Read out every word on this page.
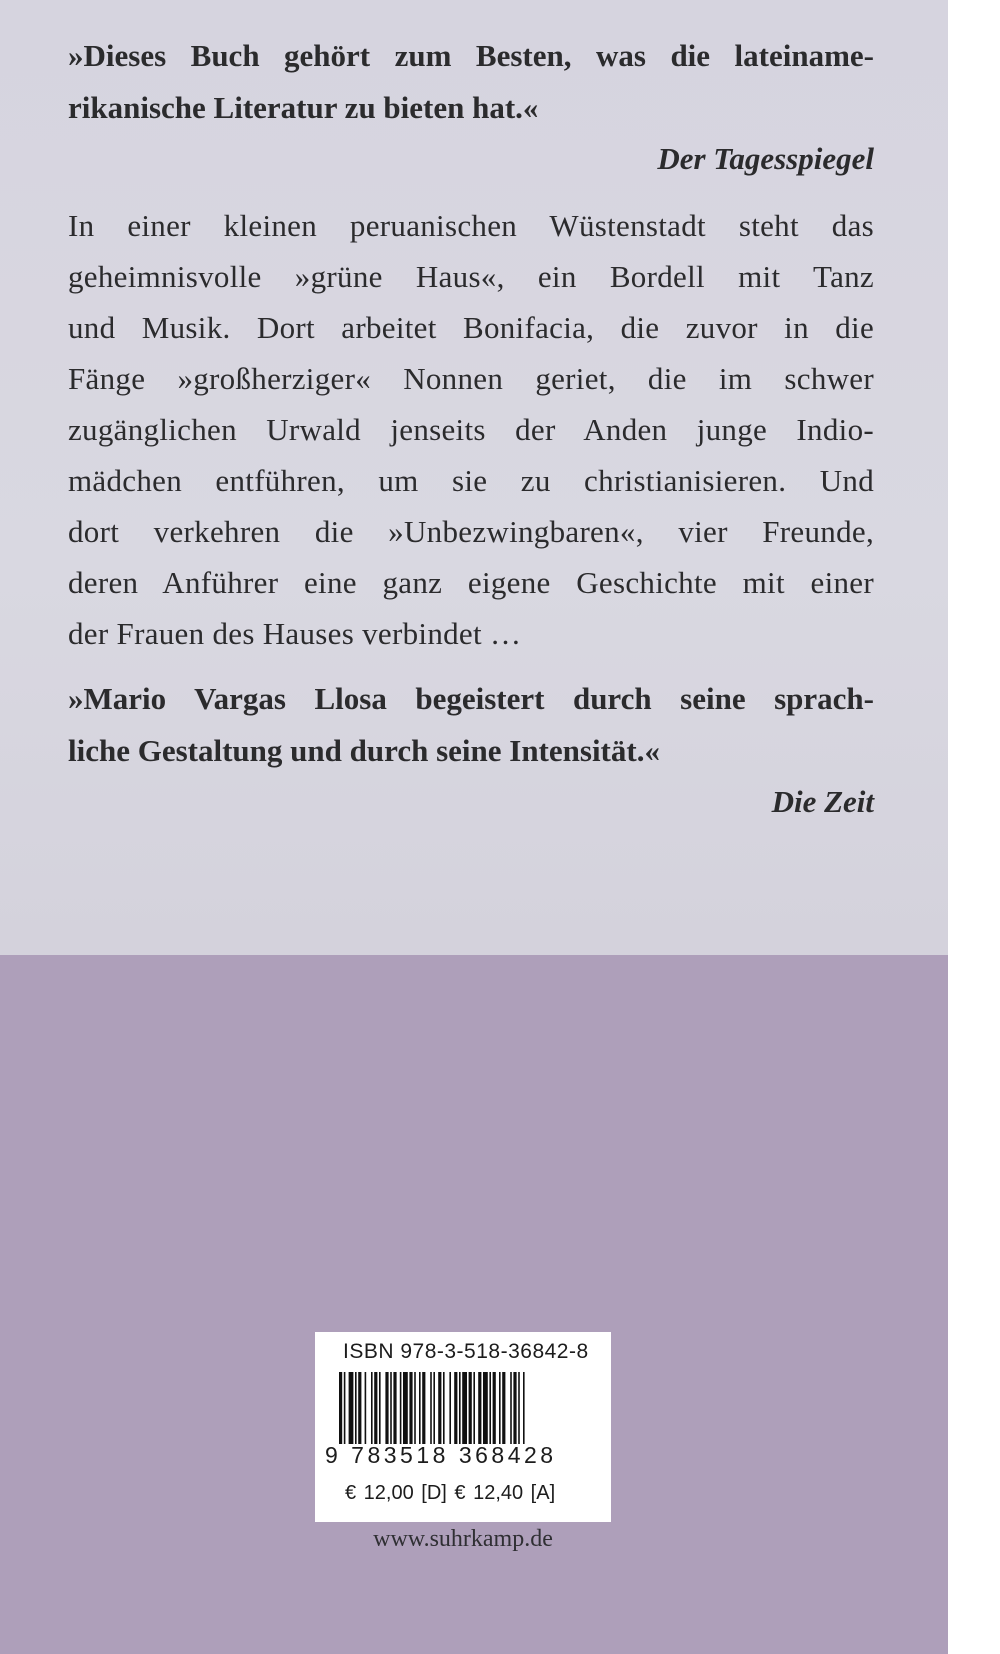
»Dieses Buch gehört zum Besten, was die lateiname-
rikanische Literatur zu bieten hat.«

Der Tagesspiegel

In einer kleinen peruanischen Wüstenstadt steht das
geheimnisvolle »grüne Haus«, ein Bordell mit Tanz
und Musik. Dort arbeitet Bonifacia, die zuvor in die
Fänge »großherziger« Nonnen geriet, die im schwer
zugänglichen Urwald jenseits der Anden junge Indio-
mädchen entführen, um sie zu christianisieren. Und
dort verkehren die »Unbezwingbaren«, vier Freunde,
deren Anführer eine ganz eigene Geschichte mit einer
der Frauen des Hauses verbindet …

»Mario Vargas Llosa begeistert durch seine sprach-
liche Gestaltung und durch seine Intensität.«

Die Zeit

ISBN 978-3-518-36842-8
9 783518 368428
€ 12,00 [D] € 12,40 [A]
www.suhrkamp.de
